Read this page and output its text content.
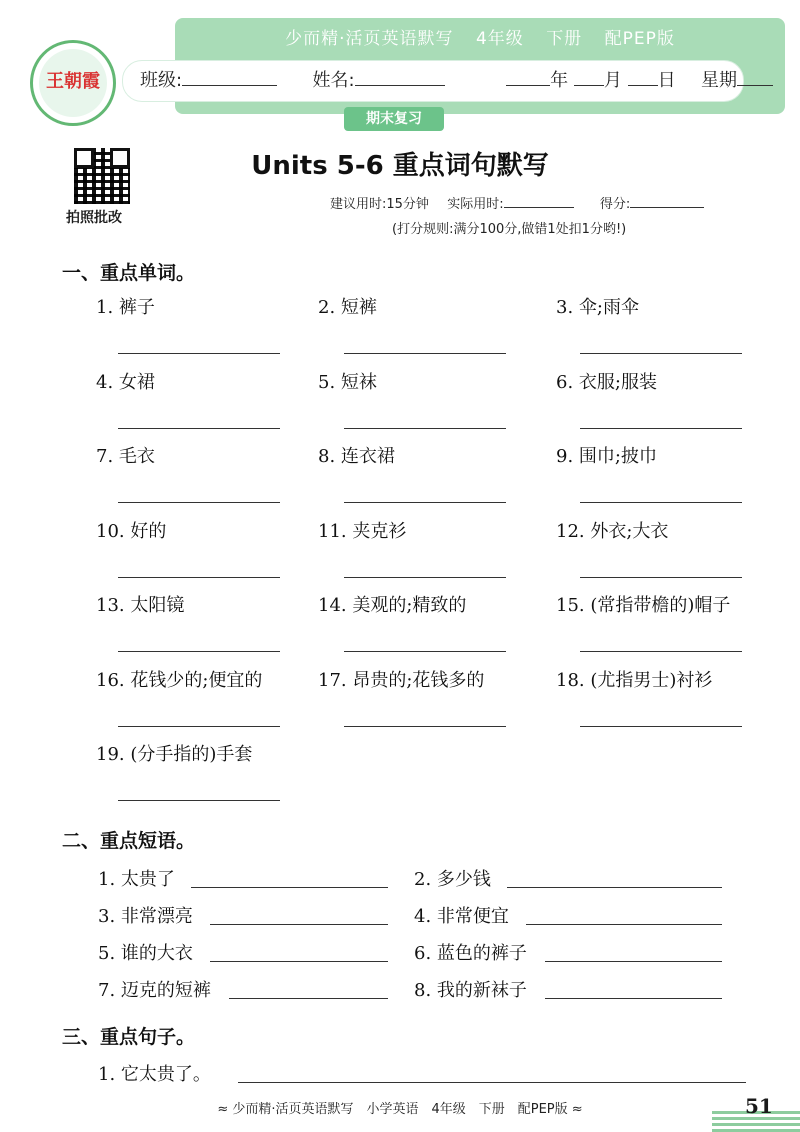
王朝霞
少而精·活页英语默写 4年级 下册 配PEP版
班级:	姓名:	年 月 日 星期
期末复习
拍照批改
Units 5-6 重点词句默写
建议用时:15分钟 实际用时:	得分:
(打分规则:满分100分,做错1处扣1分哟!)
一、重点单词。
1. 裤子	2. 短裤	3. 伞;雨伞
4. 女裙	5. 短袜	6. 衣服;服装
7. 毛衣	8. 连衣裙	9. 围巾;披巾
10. 好的	11. 夹克衫	12. 外衣;大衣
13. 太阳镜	14. 美观的;精致的	15. (常指带檐的)帽子
16. 花钱少的;便宜的	17. 昂贵的;花钱多的	18. (尤指男士)衬衫
19. (分手指的)手套
二、重点短语。
1. 太贵了	2. 多少钱
3. 非常漂亮	4. 非常便宜
5. 谁的大衣	6. 蓝色的裤子
7. 迈克的短裤	8. 我的新袜子
三、重点句子。
1. 它太贵了。
≈ 少而精·活页英语默写　小学英语　4年级　下册　配PEP版 ≈	51
